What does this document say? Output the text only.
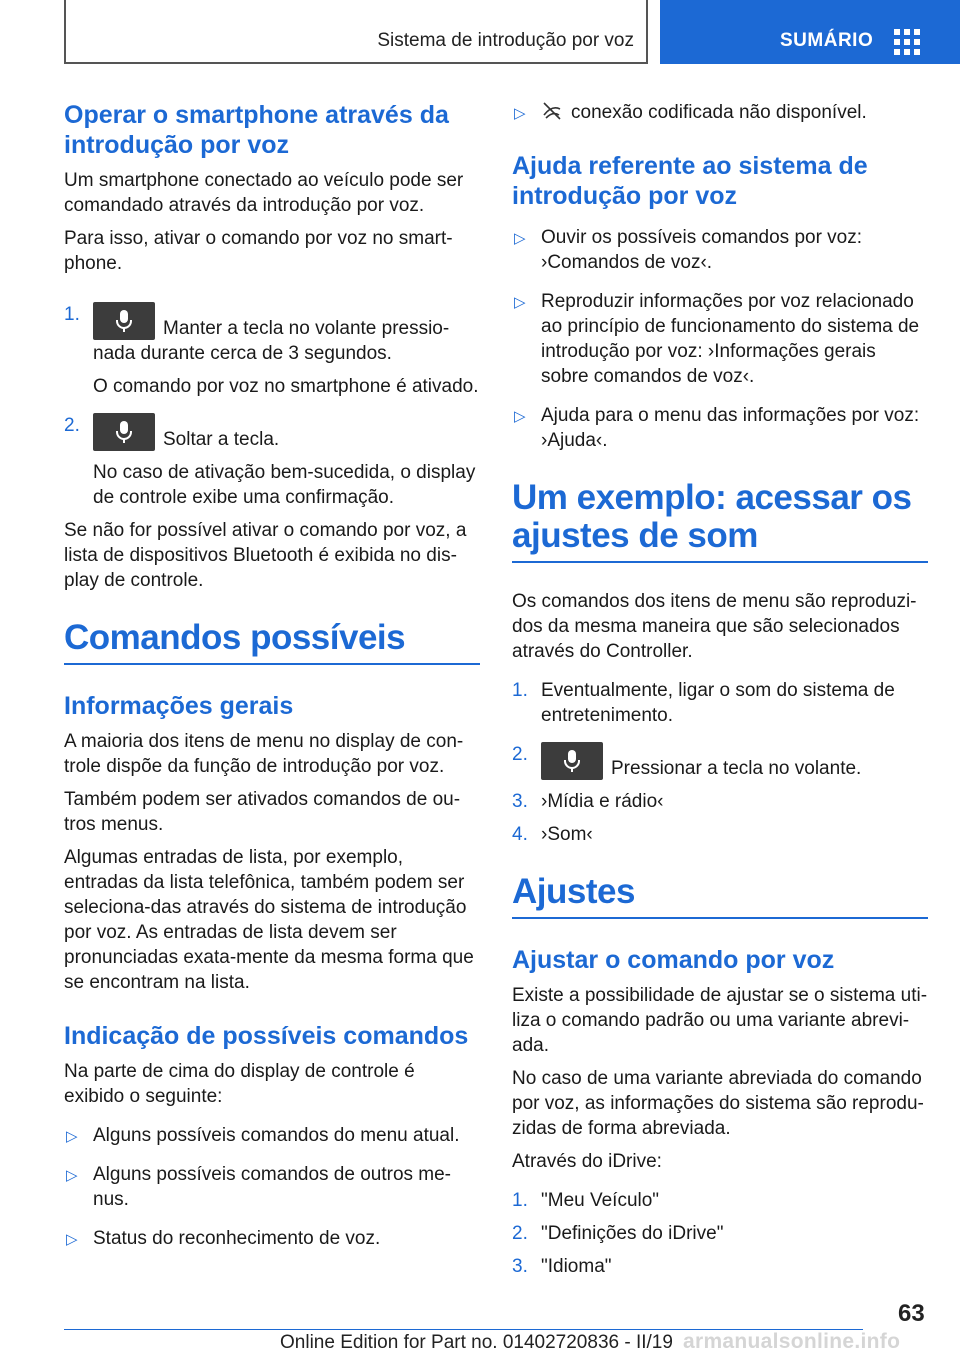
Sistema de introdução por voz	SUMÁRIO
Operar o smartphone através da introdução por voz

Um smartphone conectado ao veículo pode ser comandado através da introdução por voz.

Para isso, ativar o comando por voz no smart-phone.

1.
Manter a tecla no volante pressio-nada durante cerca de 3 segundos.
O comando por voz no smartphone é ativado.
2.
Soltar a tecla.
No caso de ativação bem-sucedida, o display de controle exibe uma confirmação.

Se não for possível ativar o comando por voz, a lista de dispositivos Bluetooth é exibida no dis-play de controle.

Comandos possíveis
Informações gerais

A maioria dos itens de menu no display de con-trole dispõe da função de introdução por voz.

Também podem ser ativados comandos de ou-tros menus.

Algumas entradas de lista, por exemplo, entradas da lista telefônica, também podem ser seleciona-das através do sistema de introdução por voz. As entradas de lista devem ser pronunciadas exata-mente da mesma forma que se encontram na lista.

Indicação de possíveis comandos

Na parte de cima do display de controle é exibido o seguinte:

▷ Alguns possíveis comandos do menu atual.
▷ Alguns possíveis comandos de outros me-nus.
▷ Status do reconhecimento de voz.
▷ conexão codificada não disponível.
Ajuda referente ao sistema de introdução por voz
▷ Ouvir os possíveis comandos por voz: ›Comandos de voz‹.
▷ Reproduzir informações por voz relacionado ao princípio de funcionamento do sistema de introdução por voz: ›Informações gerais sobre comandos de voz‹.
▷ Ajuda para o menu das informações por voz: ›Ajuda‹.
Um exemplo: acessar os ajustes de som

Os comandos dos itens de menu são reproduzi-dos da mesma maneira que são selecionados através do Controller.

1. Eventualmente, ligar o som do sistema de entretenimento.
2.
Pressionar a tecla no volante.
3. ›Mídia e rádio‹
4. ›Som‹
Ajustes
Ajustar o comando por voz

Existe a possibilidade de ajustar se o sistema uti-liza o comando padrão ou uma variante abrevi-ada.

No caso de uma variante abreviada do comando por voz, as informações do sistema são reprodu-zidas de forma abreviada.

Através do iDrive:

1. "Meu Veículo"
2. "Definições do iDrive"
3. "Idioma"
63
Online Edition for Part no. 01402720836 - II/19 armanualsonline.info
